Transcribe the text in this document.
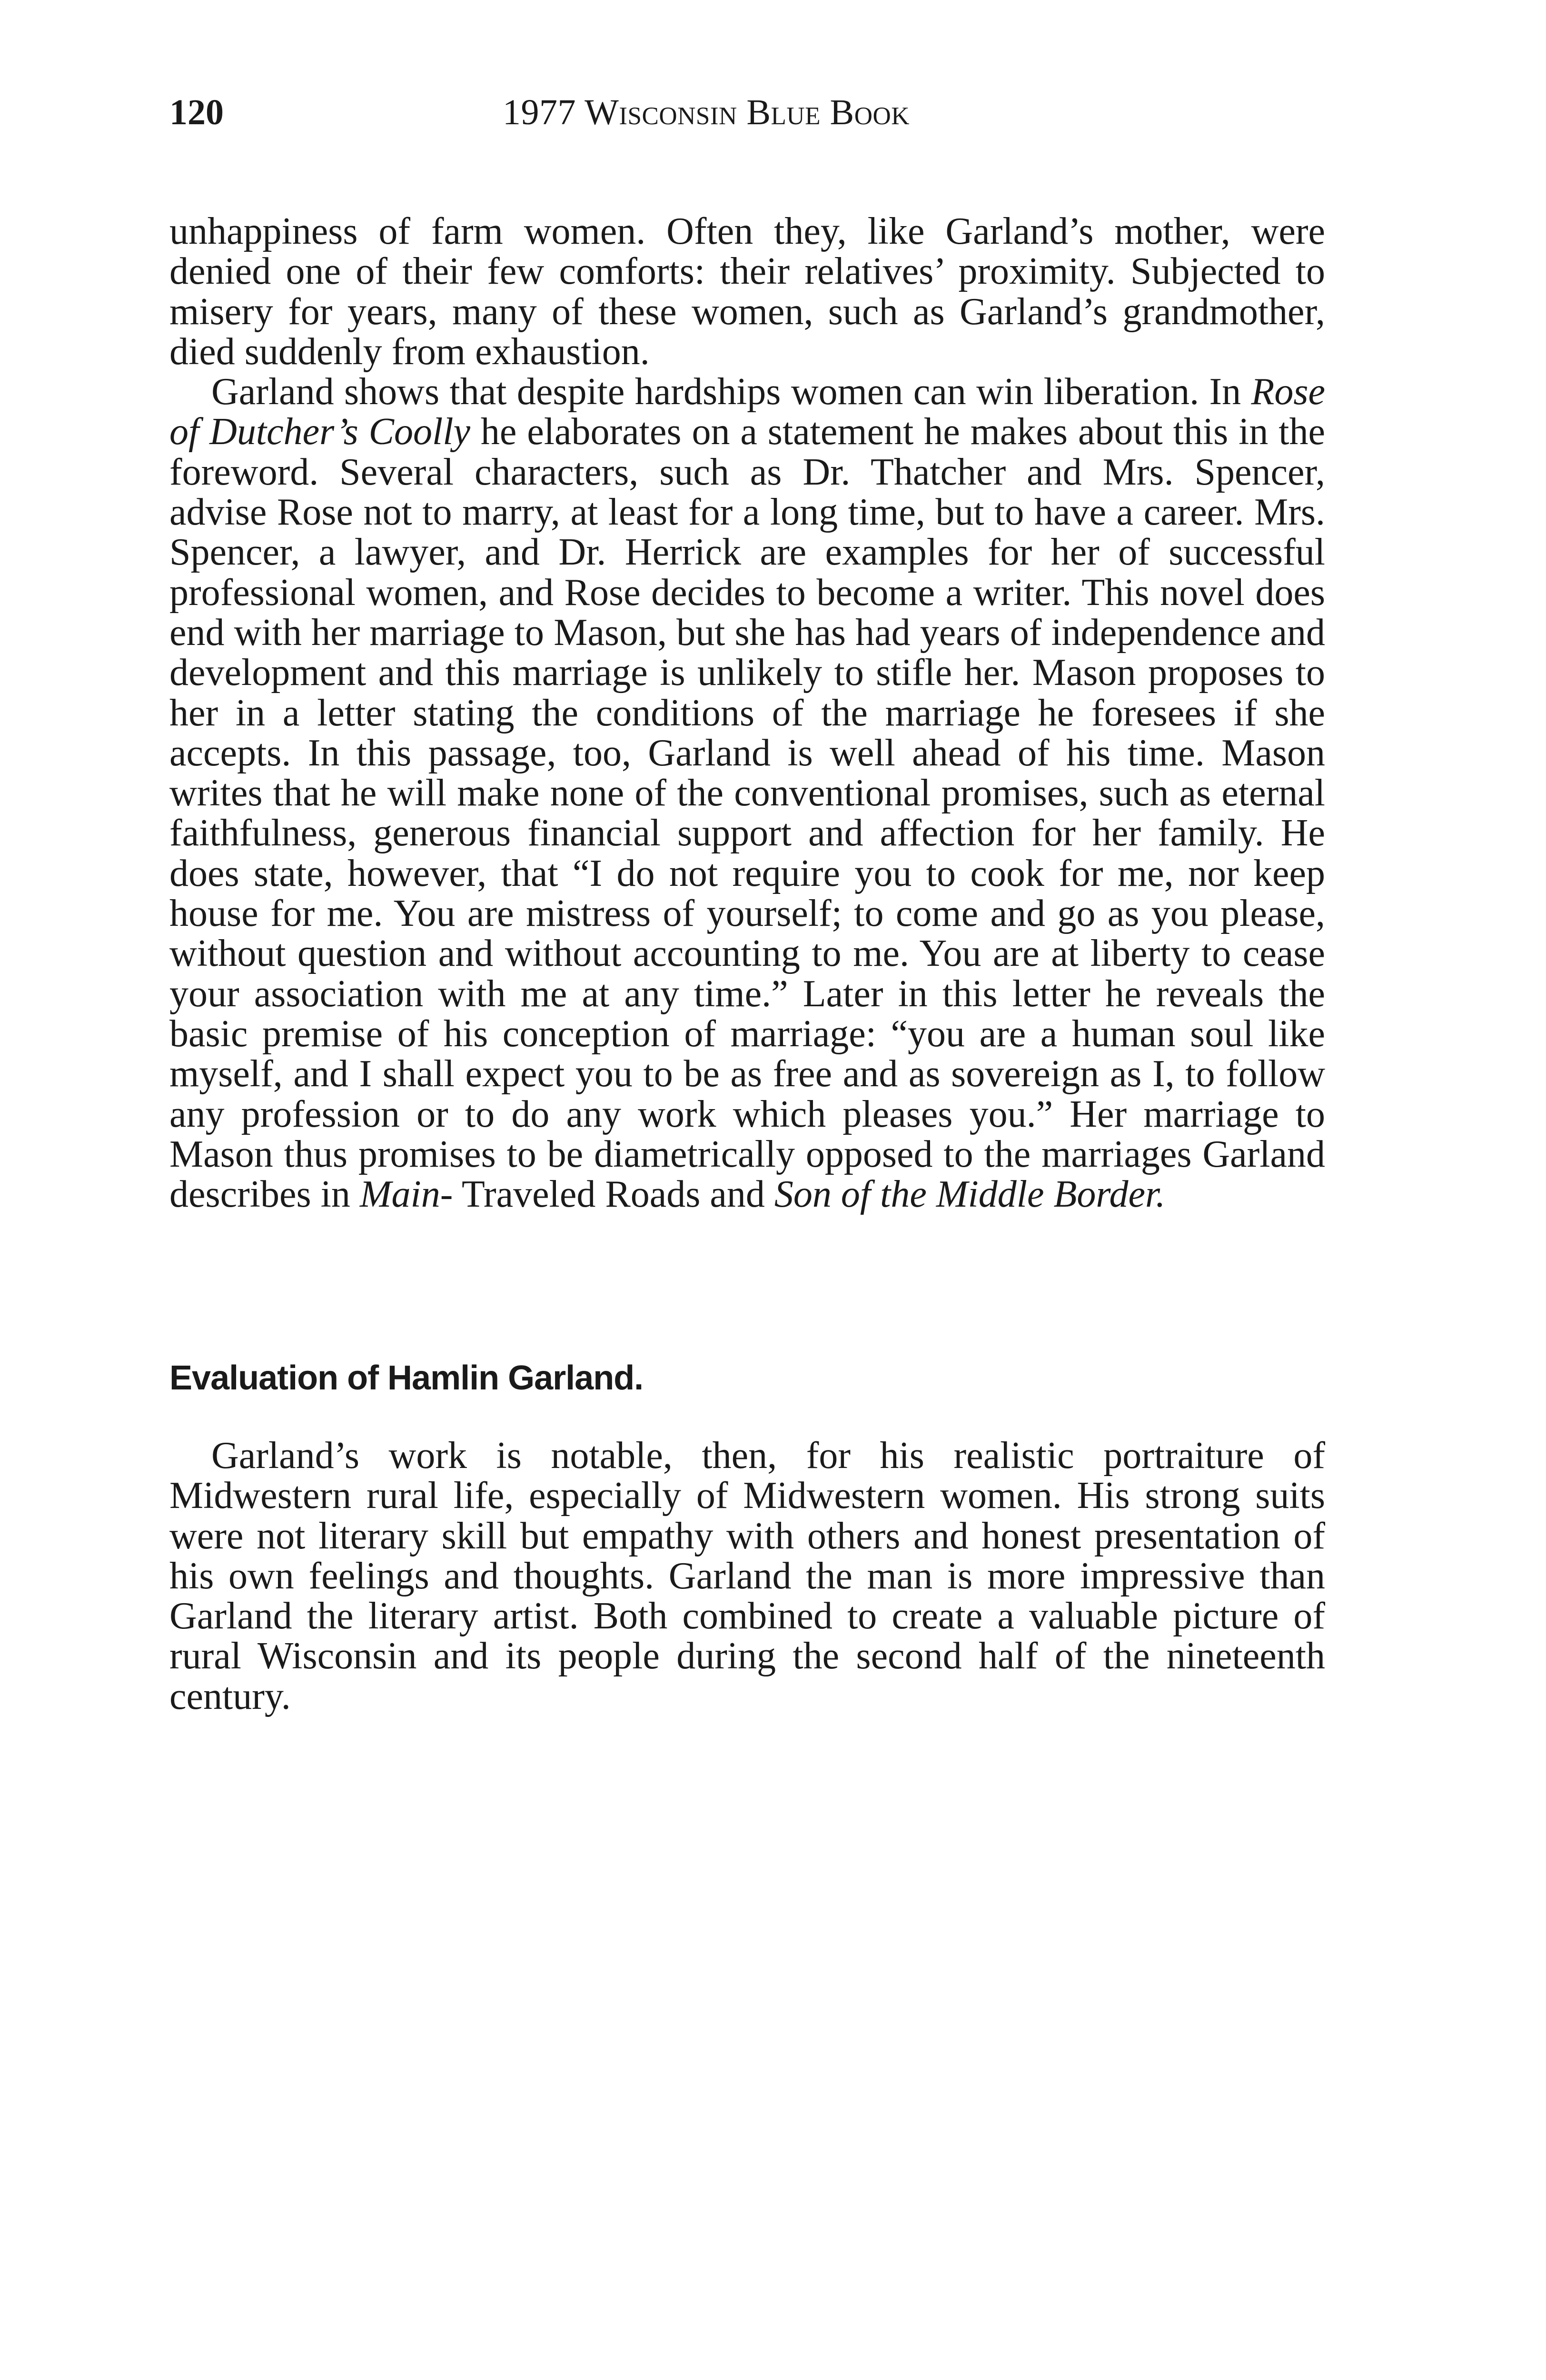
120	1977 Wisconsin Blue Book

unhappiness of farm women. Often they, like Garland’s mother, were denied one of their few comforts: their relatives’ proximity. Subjected to misery for years, many of these women, such as Garland’s grandmother, died suddenly from exhaustion.

Garland shows that despite hardships women can win liberation. In Rose of Dutcher’s Coolly he elaborates on a statement he makes about this in the foreword. Several characters, such as Dr. Thatcher and Mrs. Spencer, advise Rose not to marry, at least for a long time, but to have a career. Mrs. Spencer, a lawyer, and Dr. Herrick are examples for her of successful professional women, and Rose decides to become a writer. This novel does end with her marriage to Mason, but she has had years of independence and development and this marriage is unlikely to stifle her. Mason proposes to her in a letter stating the conditions of the marriage he foresees if she accepts. In this passage, too, Garland is well ahead of his time. Mason writes that he will make none of the conventional promises, such as eternal faithfulness, generous financial support and affection for her family. He does state, however, that “I do not require you to cook for me, nor keep house for me. You are mistress of yourself; to come and go as you please, without question and without accounting to me. You are at liberty to cease your association with me at any time.” Later in this letter he reveals the basic premise of his conception of marriage: “you are a human soul like myself, and I shall expect you to be as free and as sovereign as I, to follow any profession or to do any work which pleases you.” Her marriage to Mason thus promises to be diametrically opposed to the marriages Garland describes in Main- Traveled Roads and Son of the Middle Border.

Evaluation of Hamlin Garland.

Garland’s work is notable, then, for his realistic portraiture of Midwestern rural life, especially of Midwestern women. His strong suits were not literary skill but empathy with others and honest presentation of his own feelings and thoughts. Garland the man is more impressive than Garland the literary artist. Both combined to create a valuable picture of rural Wisconsin and its people during the second half of the nineteenth century.
